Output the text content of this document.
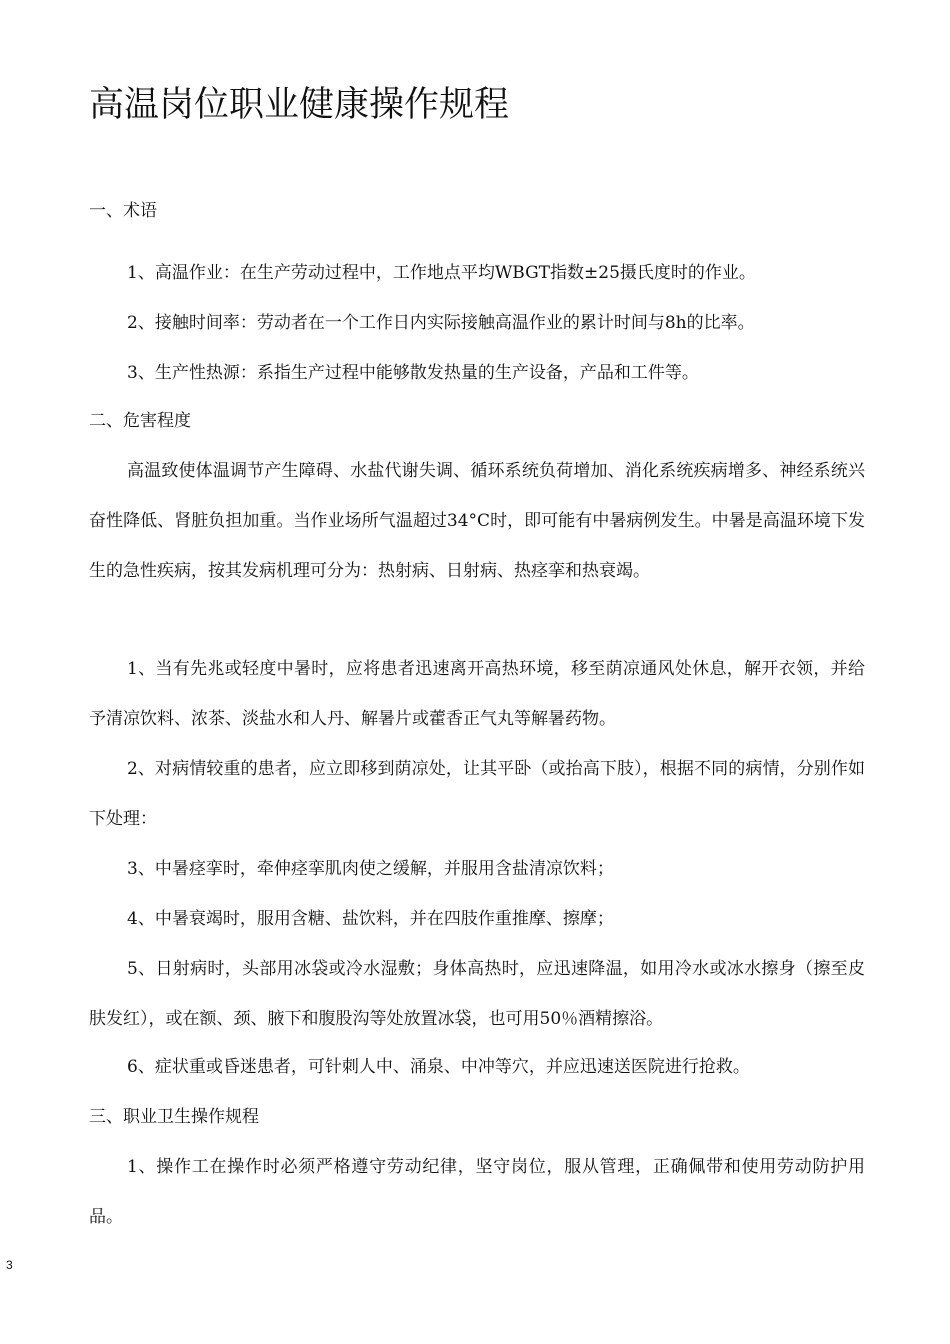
高温岗位职业健康操作规程
一、术语
1、高温作业：在生产劳动过程中，工作地点平均WBGT指数±25摄氏度时的作业。
2、接触时间率：劳动者在一个工作日内实际接触高温作业的累计时间与8h的比率。
3、生产性热源：系指生产过程中能够散发热量的生产设备，产品和工件等。
二、危害程度
高温致使体温调节产生障碍、水盐代谢失调、循环系统负荷增加、消化系统疾病增多、神经系统兴奋性降低、肾脏负担加重。当作业场所气温超过34°C时，即可能有中暑病例发生。中暑是高温环境下发生的急性疾病，按其发病机理可分为：热射病、日射病、热痉挛和热衰竭。
1、当有先兆或轻度中暑时，应将患者迅速离开高热环境，移至荫凉通风处休息，解开衣领，并给予清凉饮料、浓茶、淡盐水和人丹、解暑片或藿香正气丸等解暑药物。
2、对病情较重的患者，应立即移到荫凉处，让其平卧（或抬高下肢），根据不同的病情，分别作如下处理：
3、中暑痉挛时，牵伸痉挛肌肉使之缓解，并服用含盐清凉饮料；
4、中暑衰竭时，服用含糖、盐饮料，并在四肢作重推摩、擦摩；
5、日射病时，头部用冰袋或冷水湿敷；身体高热时，应迅速降温，如用冷水或冰水擦身（擦至皮肤发红），或在额、颈、腋下和腹股沟等处放置冰袋，也可用50％酒精擦浴。
6、症状重或昏迷患者，可针刺人中、涌泉、中冲等穴，并应迅速送医院进行抢救。
三、职业卫生操作规程
1、操作工在操作时必须严格遵守劳动纪律，坚守岗位，服从管理，正确佩带和使用劳动防护用品。
3
